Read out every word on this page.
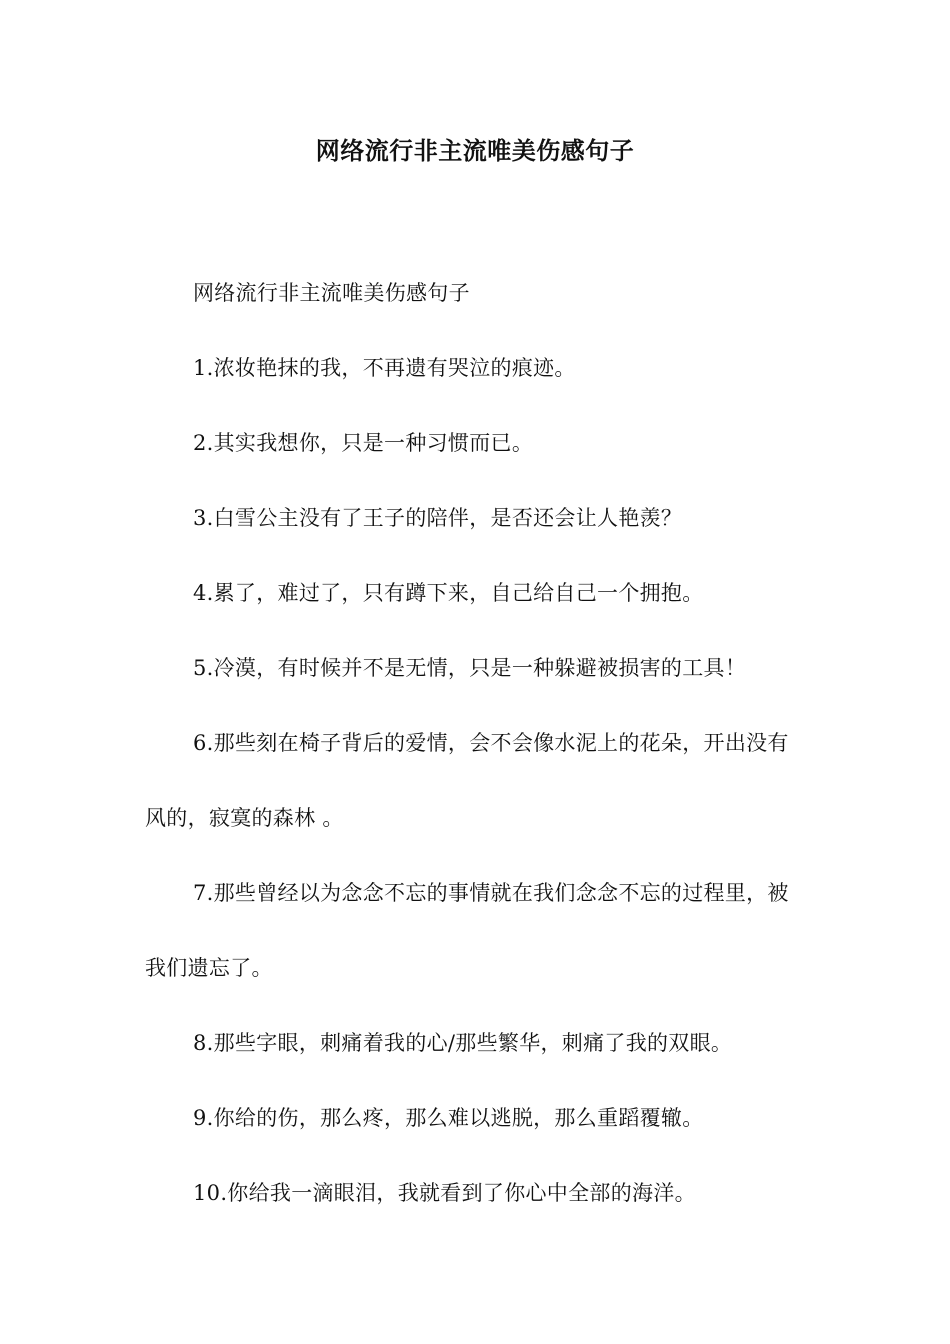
网络流行非主流唯美伤感句子

网络流行非主流唯美伤感句子

1.浓妆艳抹的我，不再遗有哭泣的痕迹。

2.其实我想你，只是一种习惯而已。

3.白雪公主没有了王子的陪伴，是否还会让人艳羡？

4.累了，难过了，只有蹲下来，自己给自己一个拥抱。

5.冷漠，有时候并不是无情，只是一种躲避被损害的工具！

6.那些刻在椅子背后的爱情，会不会像水泥上的花朵，开出没有风的，寂寞的森林 。

7.那些曾经以为念念不忘的事情就在我们念念不忘的过程里，被我们遗忘了。

8.那些字眼，刺痛着我的心/那些繁华，刺痛了我的双眼。

9.你给的伤，那么疼，那么难以逃脱，那么重蹈覆辙。

10.你给我一滴眼泪，我就看到了你心中全部的海洋。
